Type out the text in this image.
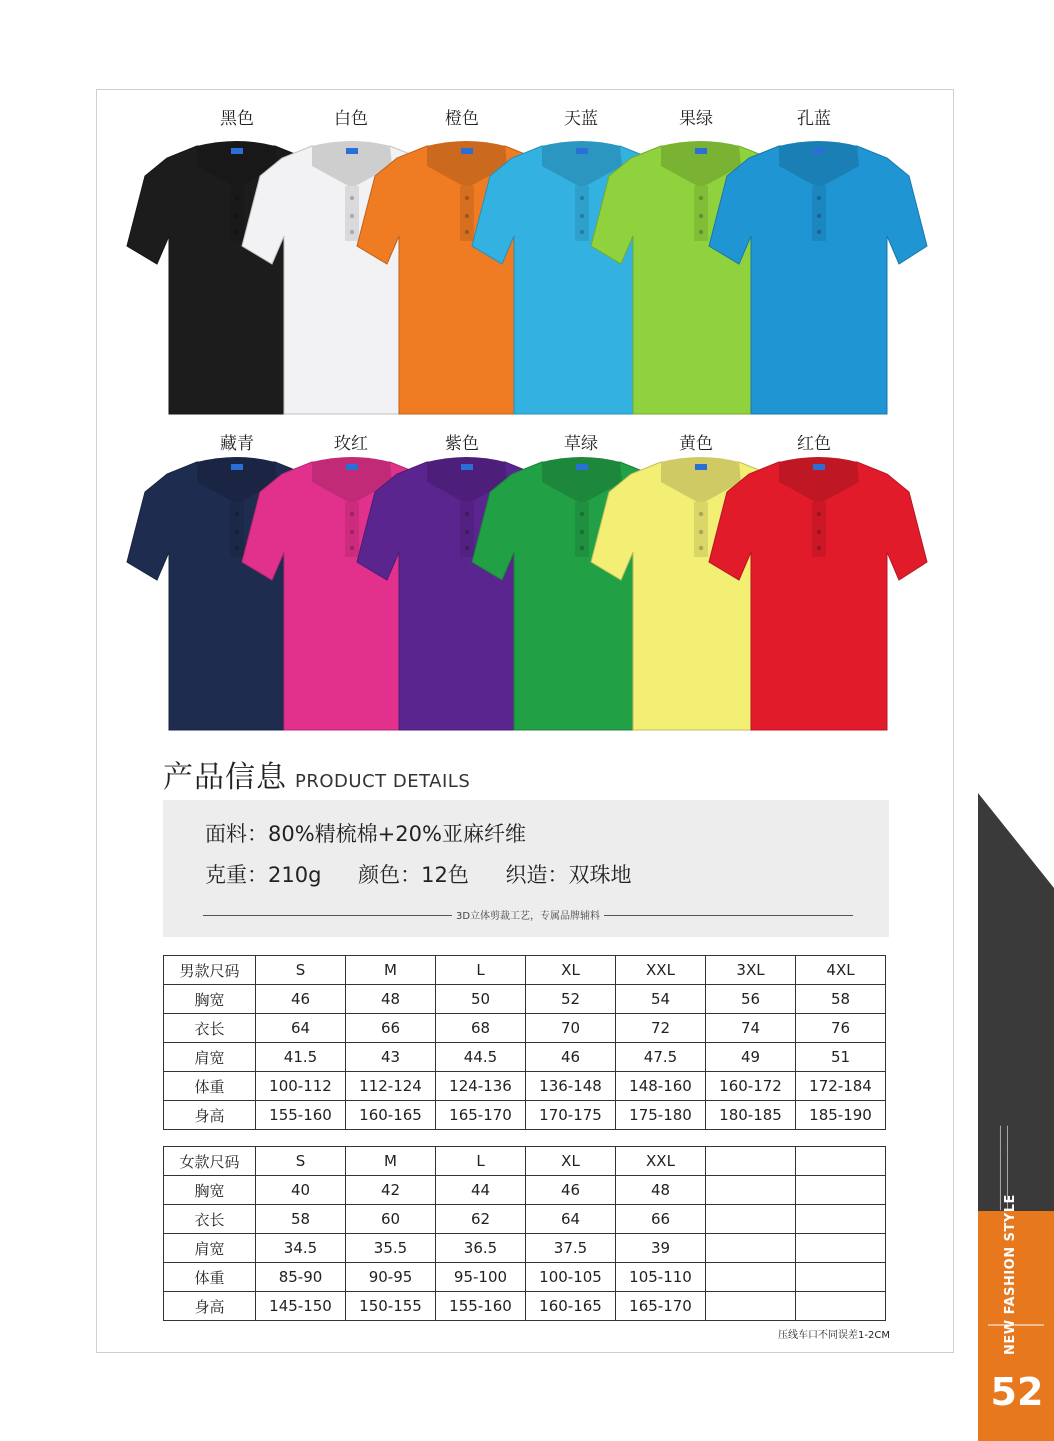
黑色	白色	橙色	天蓝	果绿	孔蓝
藏青	玫红	紫色	草绿	黄色	红色
产品信息 PRODUCT DETAILS
面料：80%精梳棉+20%亚麻纤维
克重：210g 颜色：12色 织造：双珠地
3D立体剪裁工艺，专属品牌辅料
男款尺码	S	M	L	XL	XXL	3XL	4XL
胸宽	46	48	50	52	54	56	58
衣长	64	66	68	70	72	74	76
肩宽	41.5	43	44.5	46	47.5	49	51
体重	100-112	112-124	124-136	136-148	148-160	160-172	172-184
身高	155-160	160-165	165-170	170-175	175-180	180-185	185-190
女款尺码	S	M	L	XL	XXL		
胸宽	40	42	44	46	48		
衣长	58	60	62	64	66		
肩宽	34.5	35.5	36.5	37.5	39		
体重	85-90	90-95	95-100	100-105	105-110		
身高	145-150	150-155	155-160	160-165	165-170		
压线车口不同误差1-2CM
━━━━━━━━━━━━━━━━━━━━━━━━━━━━ ━━━━━━━━━━━━━━━━━━━━━━━━━━━━
NEW FASHION STYLE
52
